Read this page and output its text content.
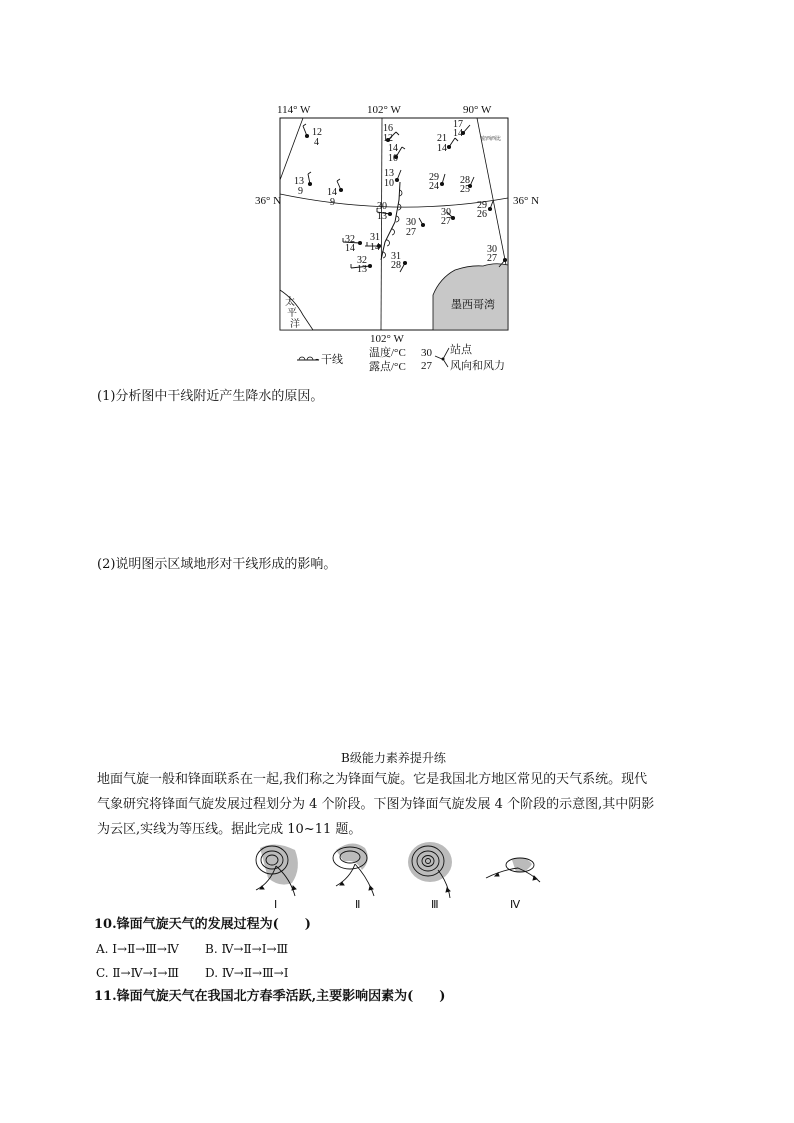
114° W	102° W	90° W
36° N	36° N
太
平
洋
墨西哥湾
密西西比
12
4
16
12
14
10
17
14
21
14
13
9 14
9
13
10
29
24
28
25
30
13
30
27
30
27
29
26
32
14
31
14
32
13
31
28
30
27
102° W
干线
温度/°C
露点/°C
30
27
站点
风向和风力
(1)分析图中干线附近产生降水的原因。
(2)说明图示区域地形对干线形成的影响。
B级能力素养提升练
地面气旋一般和锋面联系在一起,我们称之为锋面气旋。它是我国北方地区常见的天气系统。现代
气象研究将锋面气旋发展过程划分为 4 个阶段。下图为锋面气旋发展 4 个阶段的示意图,其中阴影
为云区,实线为等压线。据此完成 10~11 题。
Ⅰ	Ⅱ	Ⅲ	Ⅳ
10.锋面气旋天气的发展过程为(　　)
A. Ⅰ→Ⅱ→Ⅲ→Ⅳ B. Ⅳ→Ⅱ→Ⅰ→Ⅲ
C. Ⅱ→Ⅳ→Ⅰ→Ⅲ D. Ⅳ→Ⅱ→Ⅲ→Ⅰ
11.锋面气旋天气在我国北方春季活跃,主要影响因素为(　　)
